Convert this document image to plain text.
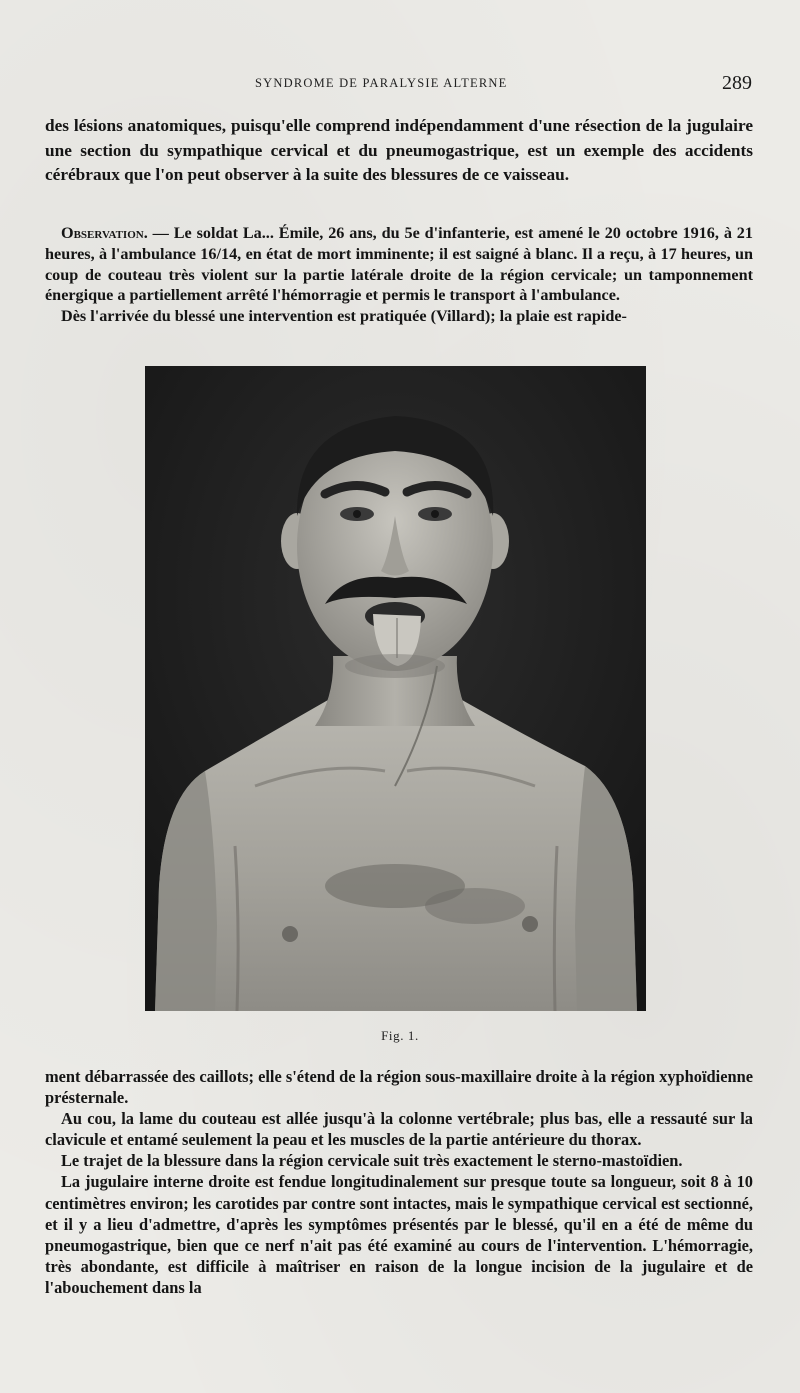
SYNDROME DE PARALYSIE ALTERNE	289

des lésions anatomiques, puisqu'elle comprend indépendamment d'une résection de la jugulaire une section du sympathique cervical et du pneumogastrique, est un exemple des accidents cérébraux que l'on peut observer à la suite des blessures de ce vaisseau.

Observation. — Le soldat La... Émile, 26 ans, du 5e d'infanterie, est amené le 20 octobre 1916, à 21 heures, à l'ambulance 16/14, en état de mort imminente; il est saigné à blanc. Il a reçu, à 17 heures, un coup de couteau très violent sur la partie latérale droite de la région cervicale; un tamponnement énergique a partiellement arrêté l'hémorragie et permis le transport à l'ambulance.

Dès l'arrivée du blessé une intervention est pratiquée (Villard); la plaie est rapide-

Fig. 1.

ment débarrassée des caillots; elle s'étend de la région sous-maxillaire droite à la région xyphoïdienne présternale.

Au cou, la lame du couteau est allée jusqu'à la colonne vertébrale; plus bas, elle a ressauté sur la clavicule et entamé seulement la peau et les muscles de la partie antérieure du thorax.

Le trajet de la blessure dans la région cervicale suit très exactement le sterno-mastoïdien.

La jugulaire interne droite est fendue longitudinalement sur presque toute sa longueur, soit 8 à 10 centimètres environ; les carotides par contre sont intactes, mais le sympathique cervical est sectionné, et il y a lieu d'admettre, d'après les symptômes présentés par le blessé, qu'il en a été de même du pneumogastrique, bien que ce nerf n'ait pas été examiné au cours de l'intervention. L'hémorragie, très abondante, est difficile à maîtriser en raison de la longue incision de la jugulaire et de l'abouchement dans la
